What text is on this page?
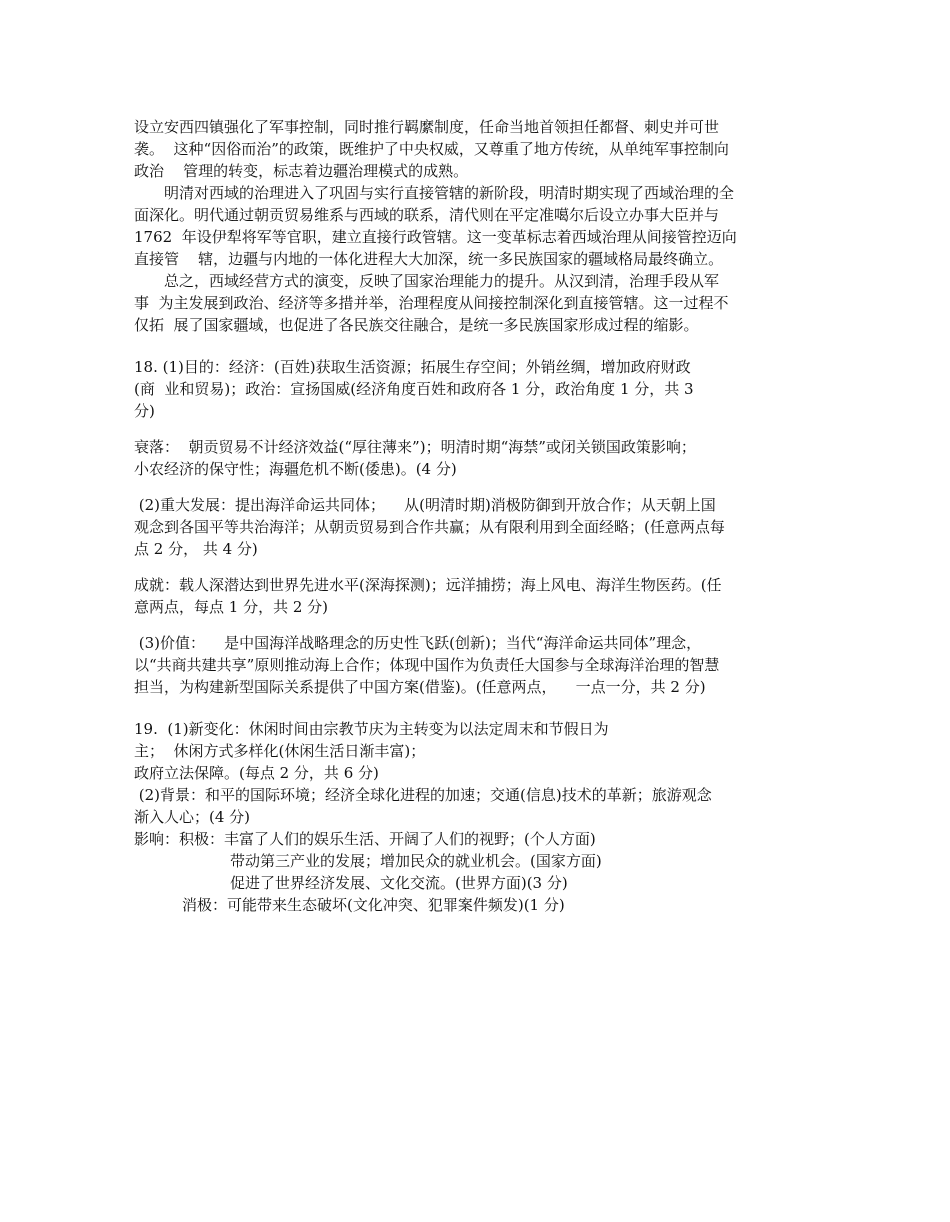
设立安西四镇强化了军事控制，同时推行羁縻制度，任命当地首领担任都督、刺史并可世
袭。  这种“因俗而治”的政策，既维护了中央权威，又尊重了地方传统，从单纯军事控制向
政治    管理的转变，标志着边疆治理模式的成熟。
明清对西域的治理进入了巩固与实行直接管辖的新阶段，明清时期实现了西域治理的全
面深化。明代通过朝贡贸易维系与西域的联系，清代则在平定准噶尔后设立办事大臣并与
1762  年设伊犁将军等官职，建立直接行政管辖。这一变革标志着西域治理从间接管控迈向
直接管    辖，边疆与内地的一体化进程大大加深，统一多民族国家的疆域格局最终确立。
总之，西域经营方式的演变，反映了国家治理能力的提升。从汉到清，治理手段从军
事  为主发展到政治、经济等多措并举，治理程度从间接控制深化到直接管辖。这一过程不
仅拓  展了国家疆域，也促进了各民族交往融合，是统一多民族国家形成过程的缩影。
18. (1)目的：经济：(百姓)获取生活资源；拓展生存空间；外销丝绸，增加政府财政
(商  业和贸易)；政治：宣扬国威(经济角度百姓和政府各 1 分，政治角度 1 分，共 3
分)
衰落：  朝贡贸易不计经济效益(“厚往薄来”)；明清时期“海禁”或闭关锁国政策影响；
小农经济的保守性；海疆危机不断(倭患)。(4 分)
(2)重大发展：提出海洋命运共同体；    从(明清时期)消极防御到开放合作；从天朝上国
观念到各国平等共治海洋；从朝贡贸易到合作共赢；从有限利用到全面经略；(任意两点每
点 2 分， 共 4 分)
成就：载人深潜达到世界先进水平(深海探测)；远洋捕捞；海上风电、海洋生物医药。(任
意两点，每点 1 分，共 2 分)
(3)价值：    是中国海洋战略理念的历史性飞跃(创新)；当代“海洋命运共同体”理念，
以“共商共建共享”原则推动海上合作；体现中国作为负责任大国参与全球海洋治理的智慧
担当，为构建新型国际关系提供了中国方案(借鉴)。(任意两点，    一点一分，共 2 分)
19.  (1)新变化：休闲时间由宗教节庆为主转变为以法定周末和节假日为
主；  休闲方式多样化(休闲生活日渐丰富)；
政府立法保障。(每点 2 分，共 6 分)
(2)背景：和平的国际环境；经济全球化进程的加速；交通(信息)技术的革新；旅游观念
渐入人心；(4 分)
影响：积极：丰富了人们的娱乐生活、开阔了人们的视野；(个人方面)
带动第三产业的发展；增加民众的就业机会。(国家方面)
促进了世界经济发展、文化交流。(世界方面)(3 分)
消极：可能带来生态破坏(文化冲突、犯罪案件频发)(1 分)
